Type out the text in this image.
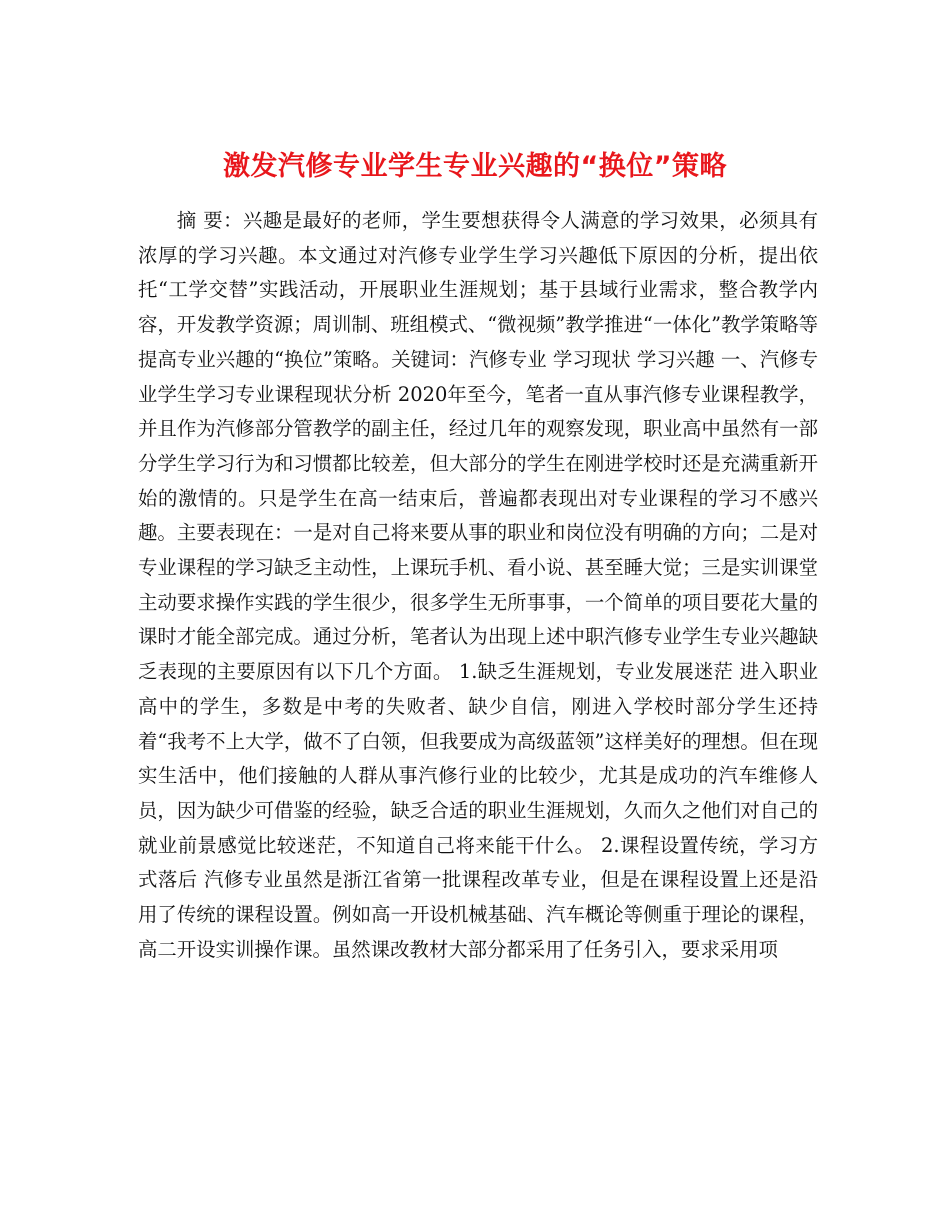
激发汽修专业学生专业兴趣的“换位”策略

摘 要：兴趣是最好的老师，学生要想获得令人满意的学习效果，必须具有浓厚的学习兴趣。本文通过对汽修专业学生学习兴趣低下原因的分析，提出依托“工学交替”实践活动，开展职业生涯规划；基于县域行业需求，整合教学内容，开发教学资源；周训制、班组模式、“微视频”教学推进“一体化”教学策略等提高专业兴趣的“换位”策略。关键词：汽修专业 学习现状 学习兴趣 一、汽修专业学生学习专业课程现状分析 2020年至今，笔者一直从事汽修专业课程教学，并且作为汽修部分管教学的副主任，经过几年的观察发现，职业高中虽然有一部分学生学习行为和习惯都比较差，但大部分的学生在刚进学校时还是充满重新开始的激情的。只是学生在高一结束后，普遍都表现出对专业课程的学习不感兴趣。主要表现在：一是对自己将来要从事的职业和岗位没有明确的方向；二是对专业课程的学习缺乏主动性，上课玩手机、看小说、甚至睡大觉；三是实训课堂主动要求操作实践的学生很少，很多学生无所事事，一个简单的项目要花大量的课时才能全部完成。通过分析，笔者认为出现上述中职汽修专业学生专业兴趣缺乏表现的主要原因有以下几个方面。 1.缺乏生涯规划，专业发展迷茫 进入职业高中的学生，多数是中考的失败者、缺少自信，刚进入学校时部分学生还持着“我考不上大学，做不了白领，但我要成为高级蓝领”这样美好的理想。但在现实生活中，他们接触的人群从事汽修行业的比较少，尤其是成功的汽车维修人员，因为缺少可借鉴的经验，缺乏合适的职业生涯规划，久而久之他们对自己的就业前景感觉比较迷茫，不知道自己将来能干什么。 2.课程设置传统，学习方式落后 汽修专业虽然是浙江省第一批课程改革专业，但是在课程设置上还是沿用了传统的课程设置。例如高一开设机械基础、汽车概论等侧重于理论的课程，高二开设实训操作课。虽然课改教材大部分都采用了任务引入，要求采用项
